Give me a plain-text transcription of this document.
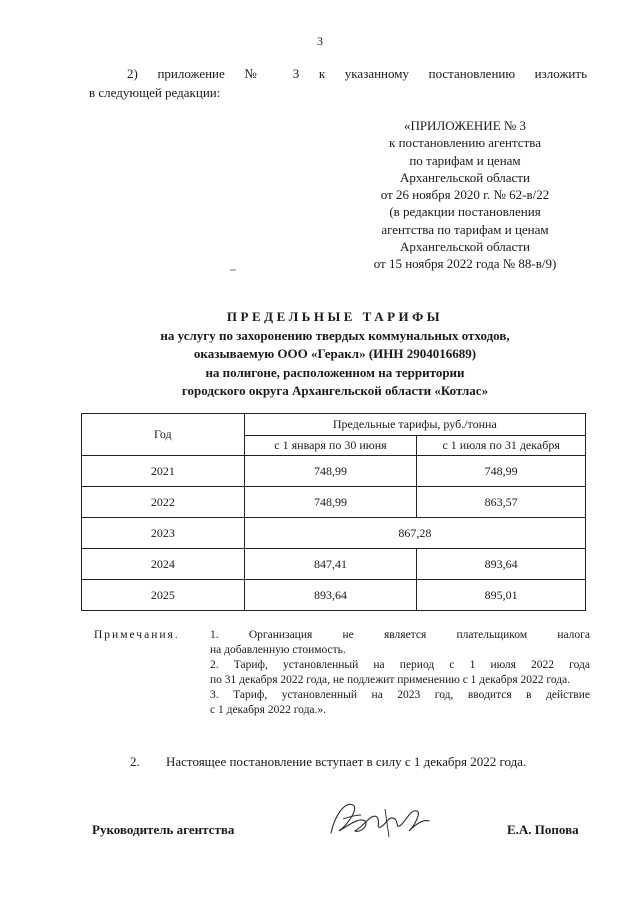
3
2) приложение № 3 к указанному постановлению изложить
в следующей редакции:
«ПРИЛОЖЕНИЕ № 3
к постановлению агентства
по тарифам и ценам
Архангельской области
от 26 ноября 2020 г. № 62-в/22
(в редакции постановления
агентства по тарифам и ценам
Архангельской области
от 15 ноября 2022 года № 88-в/9)
ПРЕДЕЛЬНЫЕ ТАРИФЫ
на услугу по захоронению твердых коммунальных отходов,
оказываемую ООО «Геракл» (ИНН 2904016689)
на полигоне, расположенном на территории
городского округа Архангельской области «Котлас»
Год	Предельные тарифы, руб./тонна	
	с 1 января по 30 июня	с 1 июля по 31 декабря
2021	748,99	748,99
2022	748,99	863,57
2023	867,28	
2024	847,41	893,64
2025	893,64	895,01
Примечания.	1. Организация не является плательщиком налога

на добавленную стоимость.

2. Тариф, установленный на период с 1 июля 2022 года

по 31 декабря 2022 года, не подлежит применению с 1 декабря 2022 года.

3. Тариф, установленный на 2023 год, вводится в действие

с 1 декабря 2022 года.».

2. Настоящее постановление вступает в силу с 1 декабря 2022 года.
Руководитель агентства	Е.А. Попова
